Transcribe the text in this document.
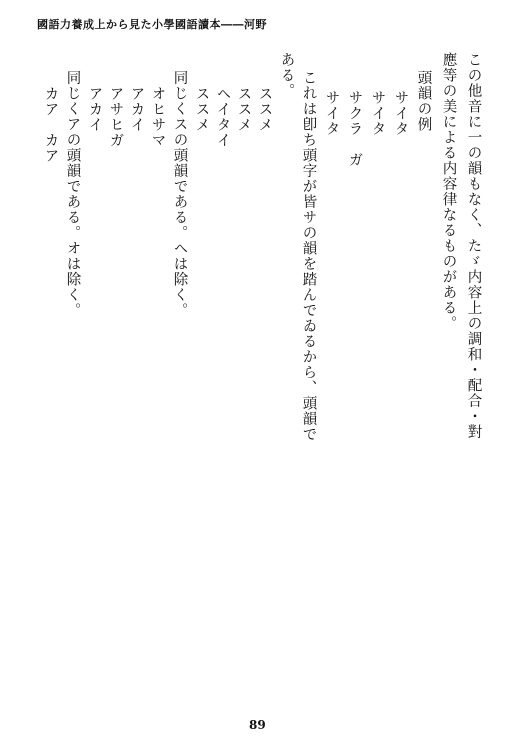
國語力養成上から見た小學國語讀本――河野
この他音に一の韻もなく、たゞ内容上の調和・配合・對
應等の美による内容律なるものがある。
頭韻の例
サイタ
サイタ
サクラ　ガ
サイタ
これは卽ち頭字が皆サの韻を踏んでゐるから、頭韻で
ある。
ススメ
ススメ
ヘイタイ
ススメ
同じくスの頭韻である。ヘは除く。
オヒサマ
アカイ
アサヒガ
アカイ
同じくアの頭韻である。オは除く。
カア　カア
89
